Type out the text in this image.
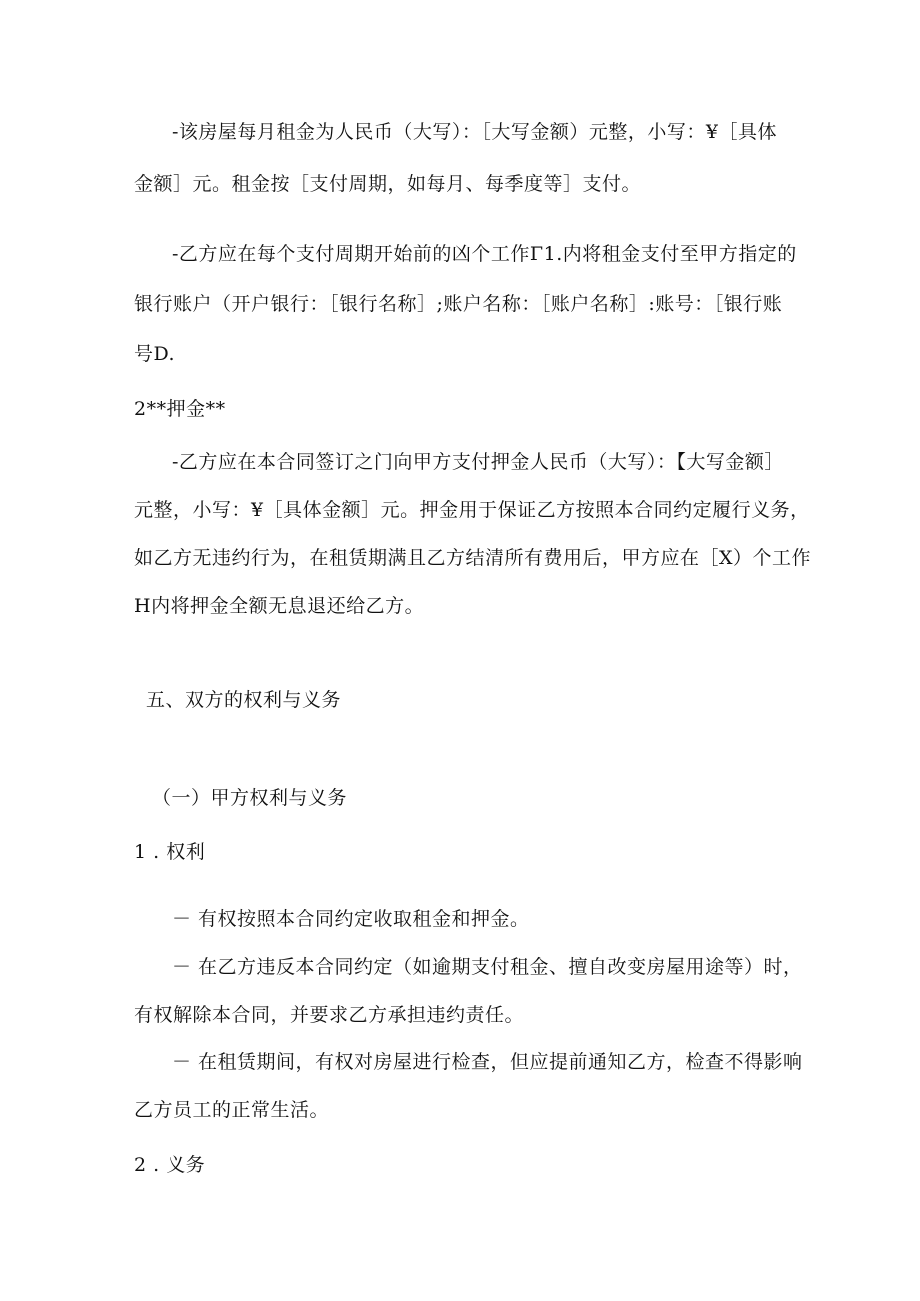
-该房屋每月租金为人民币（大写）：［大写金额）元整，小写：¥［具体
金额］元。租金按［支付周期，如每月、每季度等］支付。
-乙方应在每个支付周期开始前的凶个工作Γ1.内将租金支付至甲方指定的
银行账户（开户银行：［银行名称］;账户名称：［账户名称］:账号：［银行账
号D.
2**押金**
-乙方应在本合同签订之门向甲方支付押金人民币（大写）：【大写金额］
元整，小写：¥［具体金额］元。押金用于保证乙方按照本合同约定履行义务，
如乙方无违约行为，在租赁期满且乙方结清所有费用后，甲方应在［X）个工作
H内将押金全额无息退还给乙方。
五、双方的权利与义务
（一）甲方权利与义务
1 . 权利
－ 有权按照本合同约定收取租金和押金。
－ 在乙方违反本合同约定（如逾期支付租金、擅自改变房屋用途等）时，
有权解除本合同，并要求乙方承担违约责任。
－ 在租赁期间，有权对房屋进行检查，但应提前通知乙方，检查不得影响
乙方员工的正常生活。
2 . 义务
